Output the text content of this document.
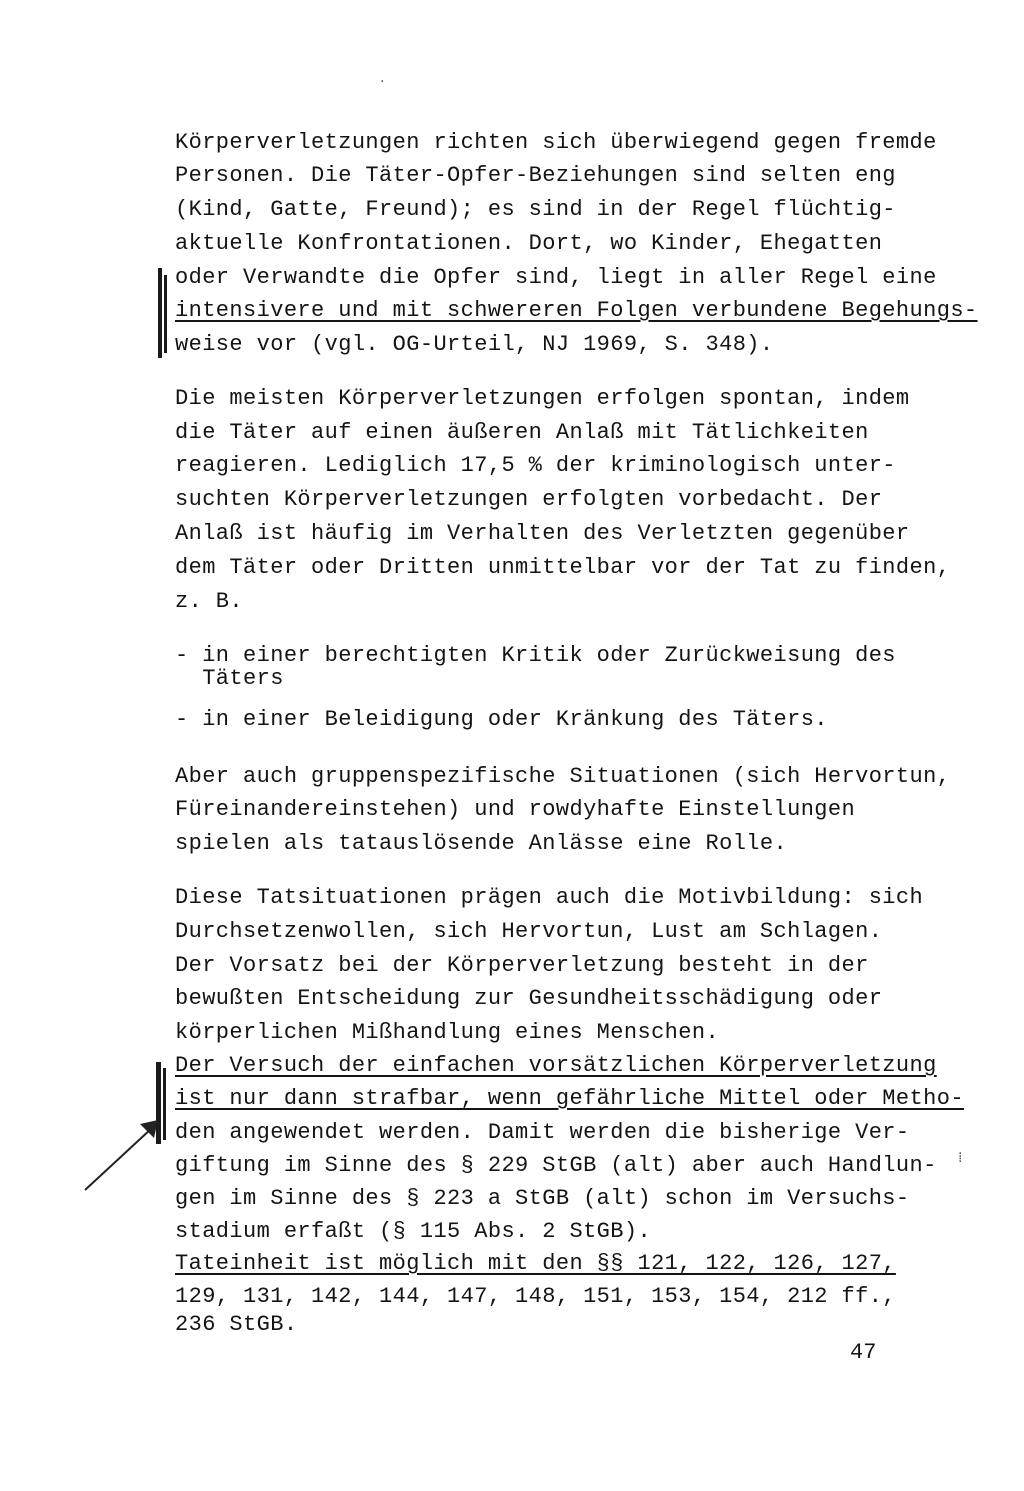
Körperverletzungen richten sich überwiegend gegen fremde
Personen. Die Täter-Opfer-Beziehungen sind selten eng
(Kind, Gatte, Freund); es sind in der Regel flüchtig-
aktuelle Konfrontationen. Dort, wo Kinder, Ehegatten
oder Verwandte die Opfer sind, liegt in aller Regel eine
intensivere und mit schwereren Folgen verbundene Begehungs-
weise vor (vgl. OG-Urteil, NJ 1969, S. 348).
Die meisten Körperverletzungen erfolgen spontan, indem
die Täter auf einen äußeren Anlaß mit Tätlichkeiten
reagieren. Lediglich 17,5 % der kriminologisch unter-
suchten Körperverletzungen erfolgten vorbedacht. Der
Anlaß ist häufig im Verhalten des Verletzten gegenüber
dem Täter oder Dritten unmittelbar vor der Tat zu finden,
z. B.
- in einer berechtigten Kritik oder Zurückweisung des
Täters
- in einer Beleidigung oder Kränkung des Täters.
Aber auch gruppenspezifische Situationen (sich Hervortun,
Füreinandereinstehen) und rowdyhafte Einstellungen
spielen als tatauslösende Anlässe eine Rolle.
Diese Tatsituationen prägen auch die Motivbildung: sich
Durchsetzenwollen, sich Hervortun, Lust am Schlagen.
Der Vorsatz bei der Körperverletzung besteht in der
bewußten Entscheidung zur Gesundheitsschädigung oder
körperlichen Mißhandlung eines Menschen.
Der Versuch der einfachen vorsätzlichen Körperverletzung
ist nur dann strafbar, wenn gefährliche Mittel oder Metho-
den angewendet werden. Damit werden die bisherige Ver-
giftung im Sinne des § 229 StGB (alt) aber auch Handlun-
gen im Sinne des § 223 a StGB (alt) schon im Versuchs-
stadium erfaßt (§ 115 Abs. 2 StGB).
Tateinheit ist möglich mit den §§ 121, 122, 126, 127,
129, 131, 142, 144, 147, 148, 151, 153, 154, 212 ff.,
236 StGB.
·
⁞
47
